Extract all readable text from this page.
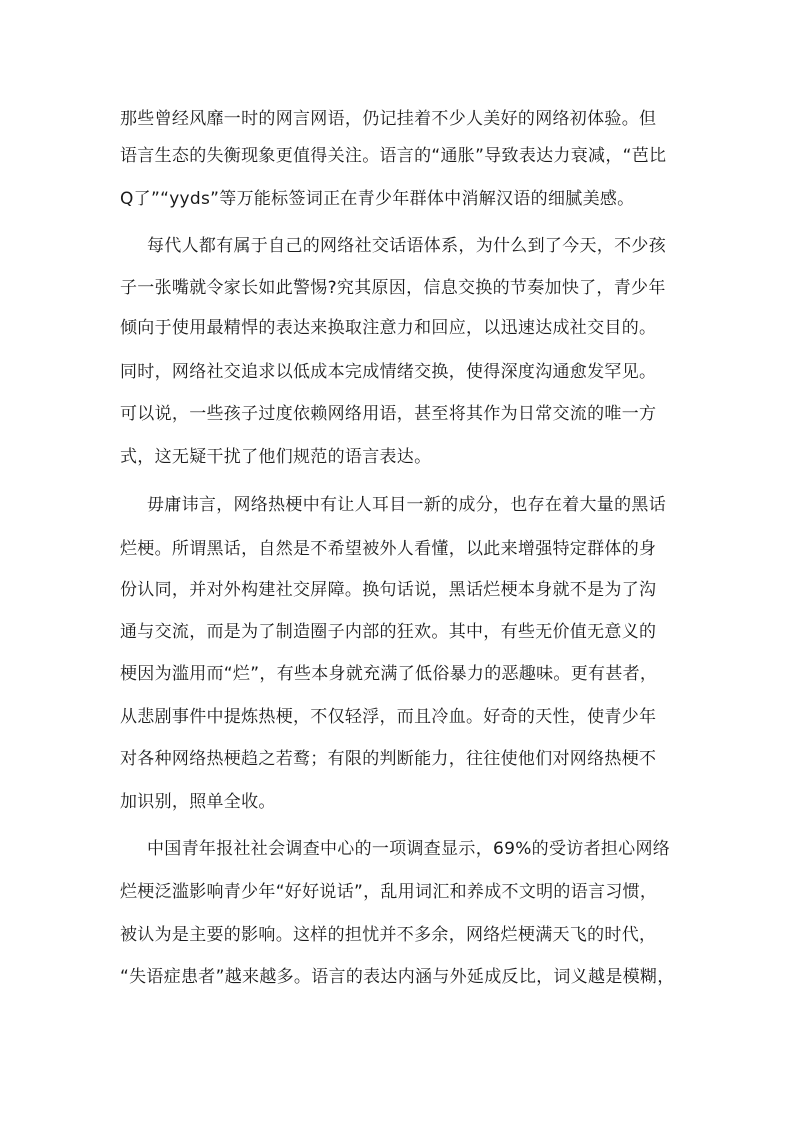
那些曾经风靡一时的网言网语，仍记挂着不少人美好的网络初体验。但
语言生态的失衡现象更值得关注。语言的“通胀”导致表达力衰减，“芭比
Q了”“yyds”等万能标签词正在青少年群体中消解汉语的细腻美感。
每代人都有属于自己的网络社交话语体系，为什么到了今天，不少孩
子一张嘴就令家长如此警惕?究其原因，信息交换的节奏加快了，青少年
倾向于使用最精悍的表达来换取注意力和回应，以迅速达成社交目的。
同时，网络社交追求以低成本完成情绪交换，使得深度沟通愈发罕见。
可以说，一些孩子过度依赖网络用语，甚至将其作为日常交流的唯一方
式，这无疑干扰了他们规范的语言表达。
毋庸讳言，网络热梗中有让人耳目一新的成分，也存在着大量的黑话
烂梗。所谓黑话，自然是不希望被外人看懂，以此来增强特定群体的身
份认同，并对外构建社交屏障。换句话说，黑话烂梗本身就不是为了沟
通与交流，而是为了制造圈子内部的狂欢。其中，有些无价值无意义的
梗因为滥用而“烂”，有些本身就充满了低俗暴力的恶趣味。更有甚者，
从悲剧事件中提炼热梗，不仅轻浮，而且冷血。好奇的天性，使青少年
对各种网络热梗趋之若鹜；有限的判断能力，往往使他们对网络热梗不
加识别，照单全收。
中国青年报社社会调查中心的一项调查显示，69%的受访者担心网络
烂梗泛滥影响青少年“好好说话”，乱用词汇和养成不文明的语言习惯，
被认为是主要的影响。这样的担忧并不多余，网络烂梗满天飞的时代，
“失语症患者”越来越多。语言的表达内涵与外延成反比，词义越是模糊，
